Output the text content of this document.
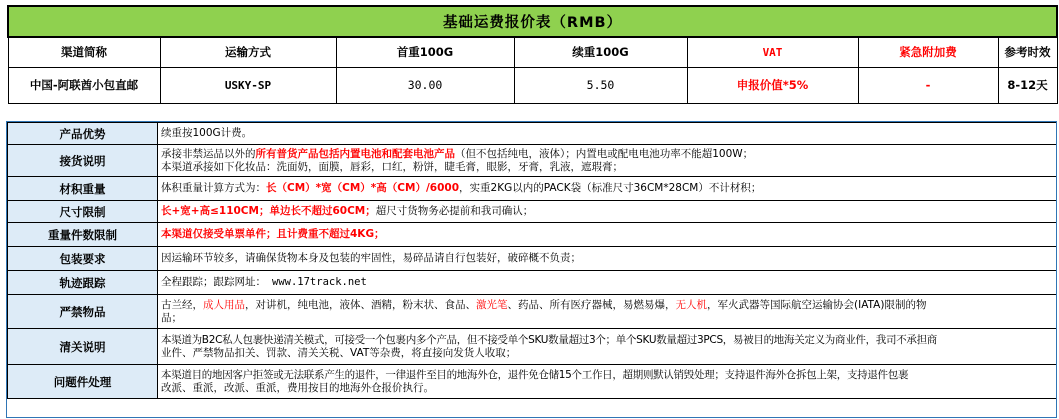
基础运费报价表（RMB）						
渠道简称	运输方式	首重100G	续重100G	VAT	紧急附加费	参考时效
中国-阿联酋小包直邮	USKY-SP	30.00	5.50	申报价值*5%	-	8-12天
产品优势	续重按100G计费。
接货说明	承接非禁运品以外的所有普货产品包括内置电池和配套电池产品（但不包括纯电，液体）；内置电或配电电池功率不能超100W；
本渠道承接如下化妆品：洗面奶，面膜，唇彩，口红，粉饼，睫毛膏，眼影，牙膏，乳液，遮瑕膏；

材积重量	体积重量计算方式为：长（CM）*宽（CM）*高（CM）/6000，实重2KG以内的PACK袋（标准尺寸36CM*28CM）不计材积；
尺寸限制	长+宽+高≤110CM；单边长不超过60CM；超尺寸货物务必提前和我司确认；
重量件数限制	本渠道仅接受单票单件；且计费重不超过4KG；
包装要求	因运输环节较多，请确保货物本身及包装的牢固性，易碎品请自行包装好，破碎概不负责；
轨迹跟踪	全程跟踪；跟踪网址： www.17track.net
严禁物品	古兰经，成人用品，对讲机，纯电池，液体、酒精，粉末状、食品、激光笔、药品、所有医疗器械，易燃易爆，无人机，军火武器等国际航空运输协会(IATA)限制的物
品；

清关说明	本渠道为B2C私人包裹快递清关模式，可接受一个包裹内多个产品，但不接受单个SKU数量超过3个；单个SKU数量超过3PCS，易被目的地海关定义为商业件，我司不承担商
业件、严禁物品扣关、罚款、清关关税、VAT等杂费，将直接向发货人收取；

问题件处理	本渠道目的地因客户拒签或无法联系产生的退件，一律退件至目的地海外仓，退件免仓储15个工作日，超期则默认销毁处理；支持退件海外仓拆包上架，支持退件包裹
改派、重派，改派、重派，费用按目的地海外仓报价执行。
